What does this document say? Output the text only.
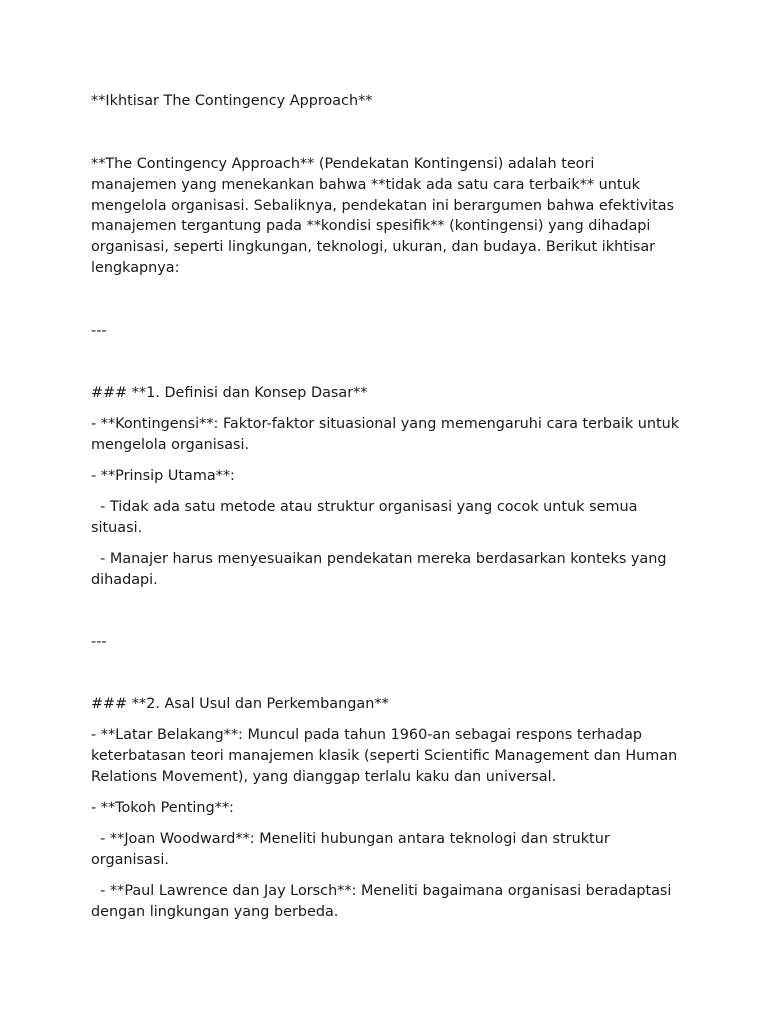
**Ikhtisar The Contingency Approach**

**The Contingency Approach** (Pendekatan Kontingensi) adalah teori manajemen yang menekankan bahwa **tidak ada satu cara terbaik** untuk mengelola organisasi. Sebaliknya, pendekatan ini berargumen bahwa efektivitas manajemen tergantung pada **kondisi spesifik** (kontingensi) yang dihadapi organisasi, seperti lingkungan, teknologi, ukuran, dan budaya. Berikut ikhtisar lengkapnya:

---

### **1. Definisi dan Konsep Dasar**

- **Kontingensi**: Faktor-faktor situasional yang memengaruhi cara terbaik untuk mengelola organisasi.

- **Prinsip Utama**:

- Tidak ada satu metode atau struktur organisasi yang cocok untuk semua situasi.

- Manajer harus menyesuaikan pendekatan mereka berdasarkan konteks yang dihadapi.

---

### **2. Asal Usul dan Perkembangan**

- **Latar Belakang**: Muncul pada tahun 1960-an sebagai respons terhadap keterbatasan teori manajemen klasik (seperti Scientific Management dan Human Relations Movement), yang dianggap terlalu kaku dan universal.

- **Tokoh Penting**:

- **Joan Woodward**: Meneliti hubungan antara teknologi dan struktur organisasi.

- **Paul Lawrence dan Jay Lorsch**: Meneliti bagaimana organisasi beradaptasi dengan lingkungan yang berbeda.
